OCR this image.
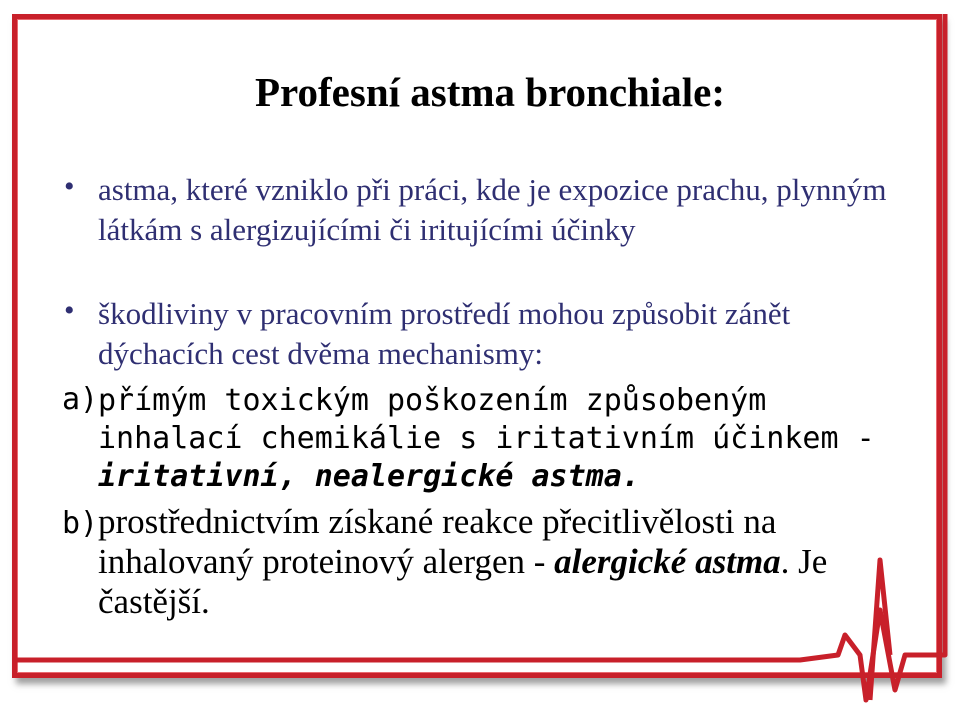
Profesní astma bronchiale:
• astma, které vzniklo při práci, kde je expozice prachu, plynným látkám s alergizujícími či iritujícími účinky
• škodliviny v pracovním prostředí mohou způsobit zánět dýchacích cest dvěma mechanismy:
a) přímým toxickým poškozením způsobeným
inhalací chemikálie s iritativním účinkem -
iritativní, nealergické astma.
b) prostřednictvím získané reakce přecitlivělosti na inhalovaný proteinový alergen - alergické astma. Je častější.
